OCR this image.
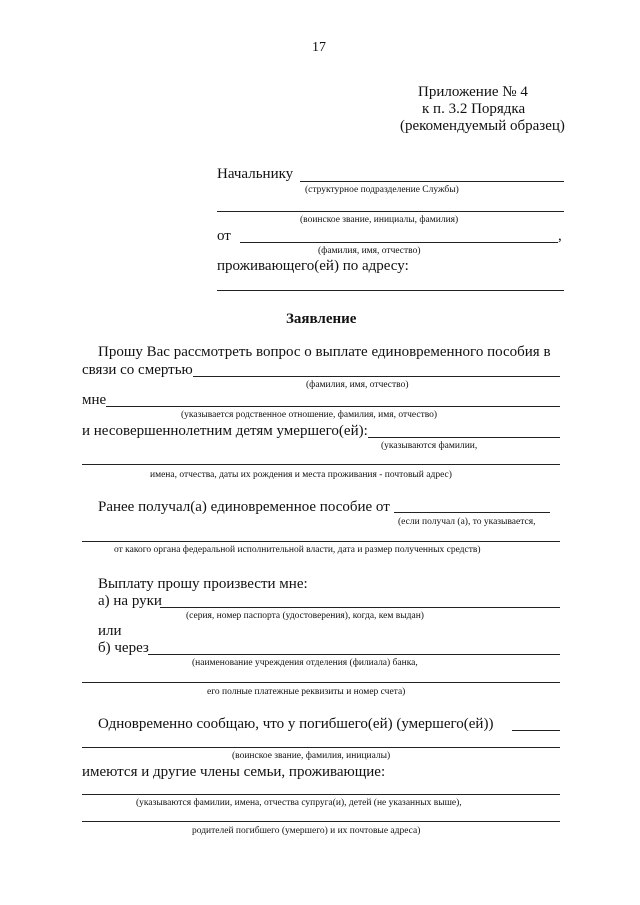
17
Приложение № 4
к п. 3.2 Порядка
(рекомендуемый образец)
Начальнику
(структурное подразделение Службы)
(воинское звание, инициалы, фамилия)
от	,
(фамилия, имя, отчество)
проживающего(ей) по адресу:
Заявление
Прошу Вас рассмотреть вопрос о выплате единовременного пособия в
связи со смертью
(фамилия, имя, отчество)
мне
(указывается родственное отношение, фамилия, имя, отчество)
и несовершеннолетним детям умершего(ей):
(указываются фамилии,
имена, отчества, даты их рождения и места проживания - почтовый адрес)
Ранее получал(а) единовременное пособие от
(если получал (а), то указывается,
от какого органа федеральной исполнительной власти, дата и размер полученных средств)
Выплату прошу произвести мне:
а) на руки
(серия, номер паспорта (удостоверения), когда, кем выдан)
или
б) через
(наименование учреждения отделения (филиала) банка,
его полные платежные реквизиты и номер счета)
Одновременно сообщаю, что у погибшего(ей) (умершего(ей))
(воинское звание, фамилия, инициалы)
имеются и другие члены семьи, проживающие:
(указываются фамилии, имена, отчества супруга(и), детей (не указанных выше),
родителей погибшего (умершего) и их почтовые адреса)
